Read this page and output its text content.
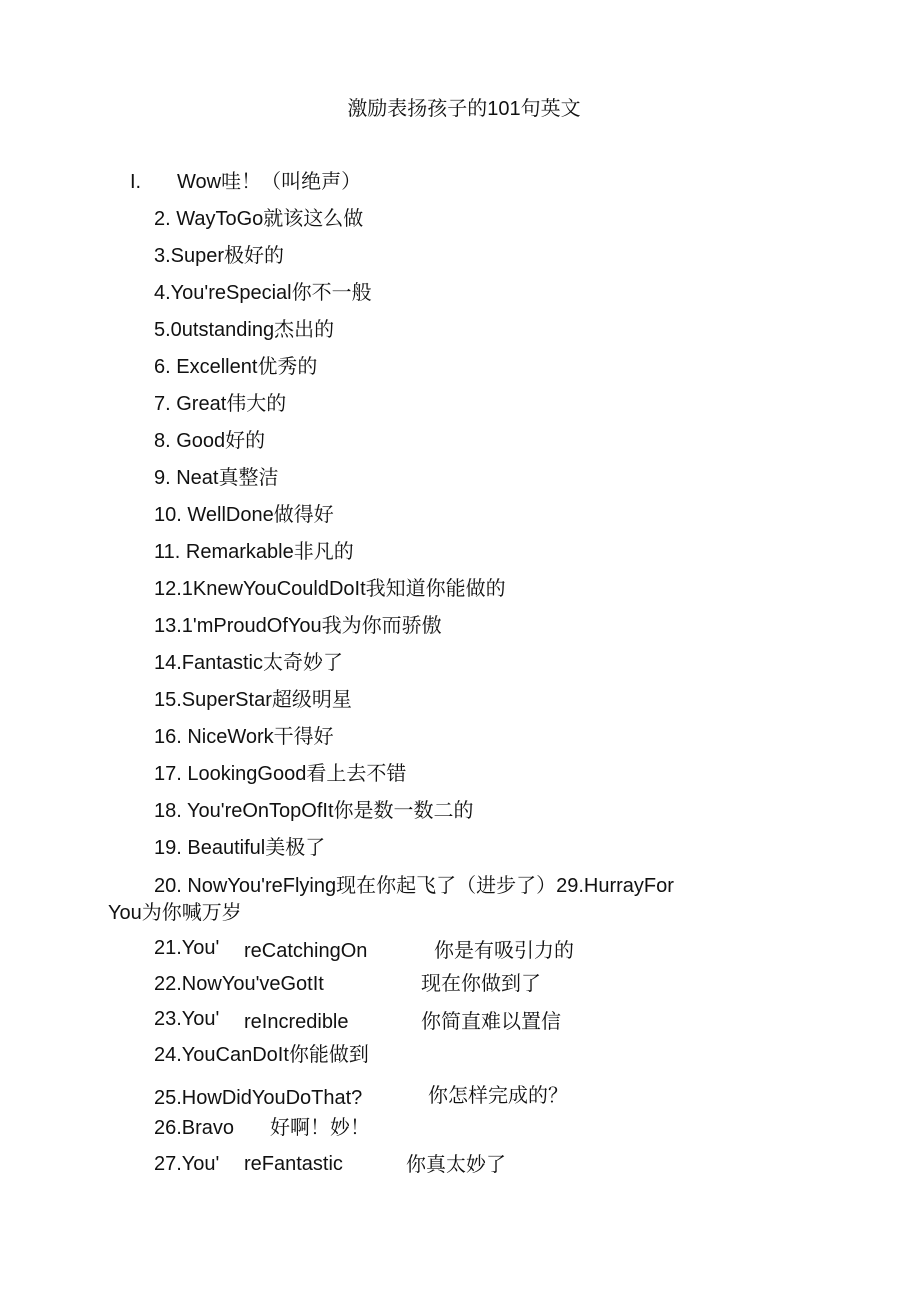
激励表扬孩子的101句英文
I. Wow哇！（叫绝声）
2. WayToGo就该这么做
3.Super极好的
4.You'reSpecial你不一般
5.0utstanding杰出的
6. Excellent优秀的
7. Great伟大的
8. Good好的
9. Neat真整洁
10. WellDone做得好
11. Remarkable非凡的
12.1KnewYouCouldDoIt我知道你能做的
13.1'mProudOfYou我为你而骄傲
14.Fantastic太奇妙了
15.SuperStar超级明星
16. NiceWork干得好
17. LookingGood看上去不错
18. You'reOnTopOfIt你是数一数二的
19. Beautiful美极了
20. NowYou'reFlying现在你起飞了（进步了）29.HurrayFor
You为你喊万岁
21.You' reCatchingOn	你是有吸引力的
22.NowYou'veGotIt	现在你做到了
23.You' reIncredible	你简直难以置信
24.YouCanDoIt你能做到
25.HowDidYouDoThat?	你怎样完成的？
26.Bravo 好啊！妙！
27.You' reFantastic	你真太妙了
